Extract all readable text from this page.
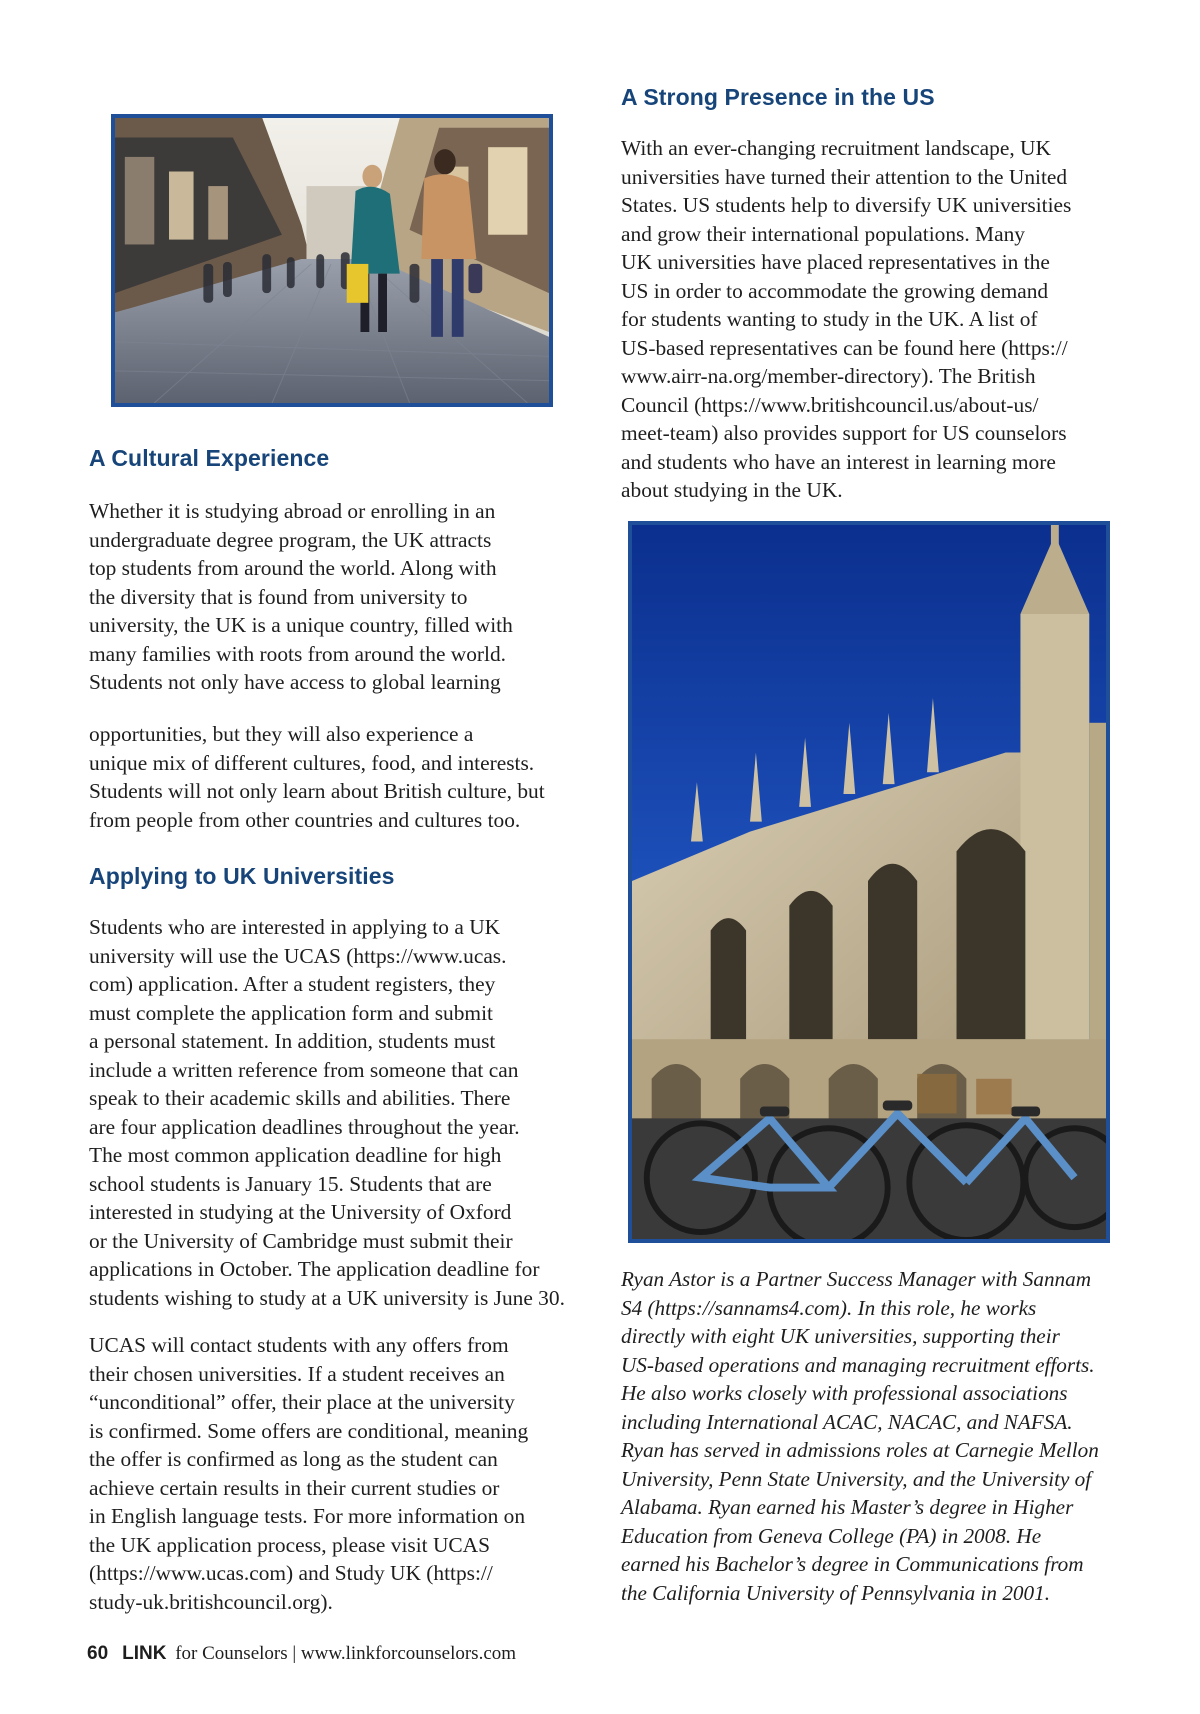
A Cultural Experience

Whether it is studying abroad or enrolling in an
undergraduate degree program, the UK attracts
top students from around the world. Along with
the diversity that is found from university to
university, the UK is a unique country, filled with
many families with roots from around the world.
Students not only have access to global learning

opportunities, but they will also experience a
unique mix of different cultures, food, and interests.
Students will not only learn about British culture, but
from people from other countries and cultures too.

Applying to UK Universities

Students who are interested in applying to a UK
university will use the UCAS (https://www.ucas.
com) application. After a student registers, they
must complete the application form and submit
a personal statement. In addition, students must
include a written reference from someone that can
speak to their academic skills and abilities. There
are four application deadlines throughout the year.
The most common application deadline for high
school students is January 15. Students that are
interested in studying at the University of Oxford
or the University of Cambridge must submit their
applications in October. The application deadline for
students wishing to study at a UK university is June 30.

UCAS will contact students with any offers from
their chosen universities. If a student receives an
“unconditional” offer, their place at the university
is confirmed. Some offers are conditional, meaning
the offer is confirmed as long as the student can
achieve certain results in their current studies or
in English language tests. For more information on
the UK application process, please visit UCAS
(https://www.ucas.com) and Study UK (https://
study-uk.britishcouncil.org).

A Strong Presence in the US

With an ever-changing recruitment landscape, UK
universities have turned their attention to the United
States. US students help to diversify UK universities
and grow their international populations. Many
UK universities have placed representatives in the
US in order to accommodate the growing demand
for students wanting to study in the UK. A list of
US-based representatives can be found here (https://
www.airr-na.org/member-directory). The British
Council (https://www.britishcouncil.us/about-us/
meet-team) also provides support for US counselors
and students who have an interest in learning more
about studying in the UK.

Ryan Astor is a Partner Success Manager with Sannam
S4 (https://sannams4.com). In this role, he works
directly with eight UK universities, supporting their
US-based operations and managing recruitment efforts.
He also works closely with professional associations
including International ACAC, NACAC, and NAFSA.
Ryan has served in admissions roles at Carnegie Mellon
University, Penn State University, and the University of
Alabama. Ryan earned his Master’s degree in Higher
Education from Geneva College (PA) in 2008. He
earned his Bachelor’s degree in Communications from
the California University of Pennsylvania in 2001.

60 LINK for Counselors | www.linkforcounselors.com
